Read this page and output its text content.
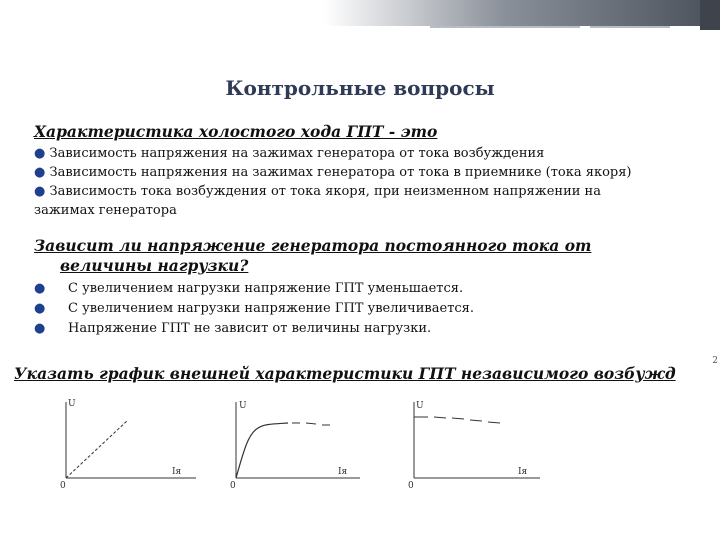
Контрольные вопросы
Характеристика холостого хода ГПТ - это
● Зависимость напряжения на зажимах генератора от тока возбуждения
● Зависимость напряжения на зажимах генератора от тока в приемнике (тока якоря)
● Зависимость тока возбуждения от тока якоря, при неизменном напряжении на
зажимах генератора
Зависит ли напряжение генератора постоянного тока от
величины нагрузки?
●	С увеличением нагрузки напряжение ГПТ уменьшается.
●	С увеличением нагрузки напряжение ГПТ увеличивается.
●	Напряжение ГПТ не зависит от величины нагрузки.
Указать график внешней характеристики ГПТ независимого возбужд
2
U
Iя
0
U
Iя
0
U
Iя
0
